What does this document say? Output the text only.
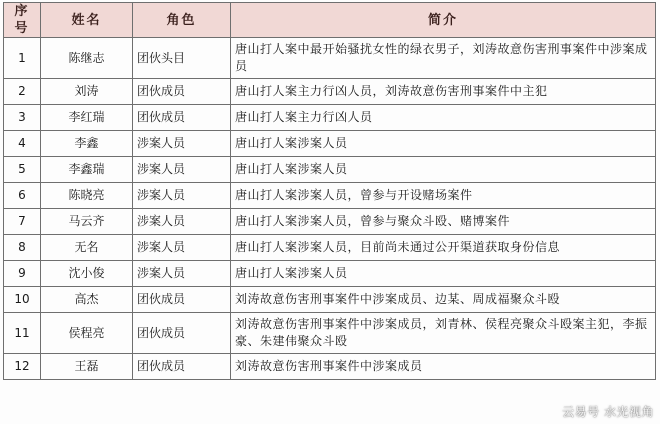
序号	姓名	角色	简介
1	陈继志	团伙头目	唐山打人案中最开始骚扰女性的绿衣男子，刘涛故意伤害刑事案件中涉案成员
2	刘涛	团伙成员	唐山打人案主力行凶人员，刘涛故意伤害刑事案件中主犯
3	李红瑞	团伙成员	唐山打人案主力行凶人员
4	李鑫	涉案人员	唐山打人案涉案人员
5	李鑫瑞	涉案人员	唐山打人案涉案人员
6	陈晓亮	涉案人员	唐山打人案涉案人员，曾参与开设赌场案件
7	马云齐	涉案人员	唐山打人案涉案人员，曾参与聚众斗殴、赌博案件
8	无名	涉案人员	唐山打人案涉案人员，目前尚未通过公开渠道获取身份信息
9	沈小俊	涉案人员	唐山打人案涉案人员
10	高杰	团伙成员	刘涛故意伤害刑事案件中涉案成员、边某、周成福聚众斗殴
11	侯程亮	团伙成员	刘涛故意伤害刑事案件中涉案成员，刘青林、侯程亮聚众斗殴案主犯，李振豪、朱建伟聚众斗殴
12	王磊	团伙成员	刘涛故意伤害刑事案件中涉案成员
云易号 水光视角
